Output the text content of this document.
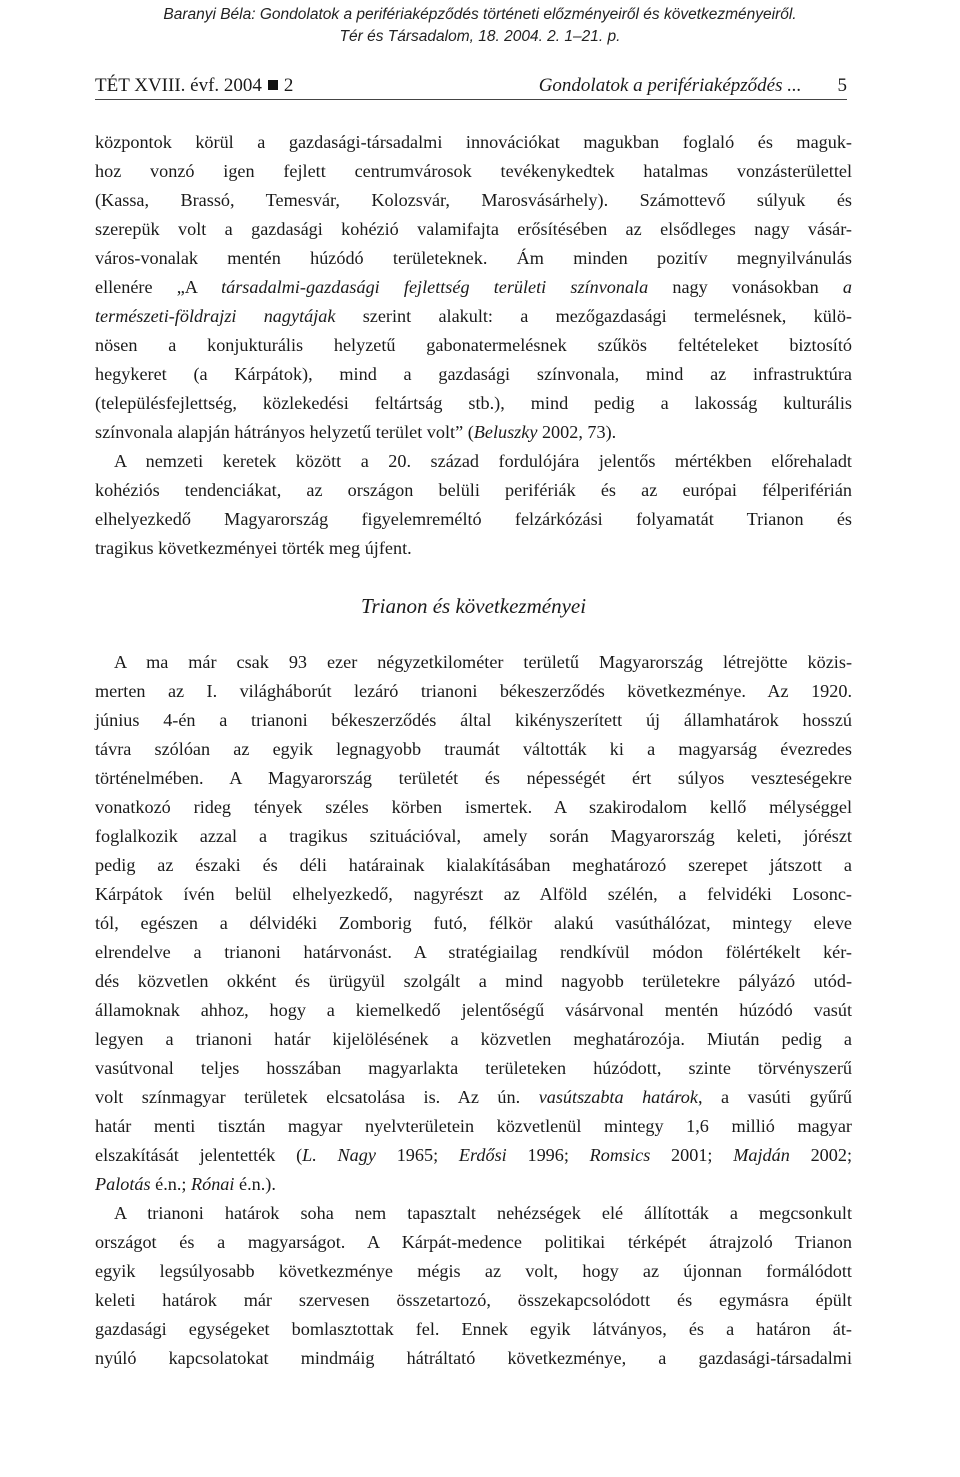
Baranyi Béla: Gondolatok a perifériaképződés történeti előzményeiről és következményeiről.
Tér és Társadalom, 18. 2004. 2. 1–21. p.
TÉT XVIII. évf. 2004 2	Gondolatok a perifériaképződés ... 5
központok körül a gazdasági-társadalmi innovációkat magukban foglaló és maguk-
hoz vonzó igen fejlett centrumvárosok tevékenykedtek hatalmas vonzásterülettel
(Kassa, Brassó, Temesvár, Kolozsvár, Marosvásárhely). Számottevő súlyuk és
szerepük volt a gazdasági kohézió valamifajta erősítésében az elsődleges nagy vásár-
város-vonalak mentén húzódó területeknek. Ám minden pozitív megnyilvánulás
ellenére „A társadalmi-gazdasági fejlettség területi színvonala nagy vonásokban a
természeti-földrajzi nagytájak szerint alakult: a mezőgazdasági termelésnek, külö-
nösen a konjukturális helyzetű gabonatermelésnek szűkös feltételeket biztosító
hegykeret (a Kárpátok), mind a gazdasági színvonala, mind az infrastruktúra
(településfejlettség, közlekedési feltártság stb.), mind pedig a lakosság kulturális
színvonala alapján hátrányos helyzetű terület volt” (Beluszky 2002, 73).
A nemzeti keretek között a 20. század fordulójára jelentős mértékben előrehaladt
kohéziós tendenciákat, az országon belüli perifériák és az európai félperiférián
elhelyezkedő Magyarország figyelemreméltó felzárkózási folyamatát Trianon és
tragikus következményei törték meg újfent.
Trianon és következményei
A ma már csak 93 ezer négyzetkilométer területű Magyarország létrejötte közis-
merten az I. világháborút lezáró trianoni békeszerződés következménye. Az 1920.
június 4-én a trianoni békeszerződés által kikényszerített új államhatárok hosszú
távra szólóan az egyik legnagyobb traumát váltották ki a magyarság évezredes
történelmében. A Magyarország területét és népességét ért súlyos veszteségekre
vonatkozó rideg tények széles körben ismertek. A szakirodalom kellő mélységgel
foglalkozik azzal a tragikus szituációval, amely során Magyarország keleti, jórészt
pedig az északi és déli határainak kialakításában meghatározó szerepet játszott a
Kárpátok ívén belül elhelyezkedő, nagyrészt az Alföld szélén, a felvidéki Losonc-
tól, egészen a délvidéki Zomborig futó, félkör alakú vasúthálózat, mintegy eleve
elrendelve a trianoni határvonást. A stratégiailag rendkívül módon fölértékelt kér-
dés közvetlen okként és ürügyül szolgált a mind nagyobb területekre pályázó utód-
államoknak ahhoz, hogy a kiemelkedő jelentőségű vásárvonal mentén húzódó vasút
legyen a trianoni határ kijelölésének a közvetlen meghatározója. Miután pedig a
vasútvonal teljes hosszában magyarlakta területeken húzódott, szinte törvényszerű
volt színmagyar területek elcsatolása is. Az ún. vasútszabta határok, a vasúti gyűrű
határ menti tisztán magyar nyelvterületein közvetlenül mintegy 1,6 millió magyar
elszakítását jelentették (L. Nagy 1965; Erdősi 1996; Romsics 2001; Majdán 2002;
Palotás é.n.; Rónai é.n.).
A trianoni határok soha nem tapasztalt nehézségek elé állították a megcsonkult
országot és a magyarságot. A Kárpát-medence politikai térképét átrajzoló Trianon
egyik legsúlyosabb következménye mégis az volt, hogy az újonnan formálódott
keleti határok már szervesen összetartozó, összekapcsolódott és egymásra épült
gazdasági egységeket bomlasztottak fel. Ennek egyik látványos, és a határon át-
nyúló kapcsolatokat mindmáig hátráltató következménye, a gazdasági-társadalmi
